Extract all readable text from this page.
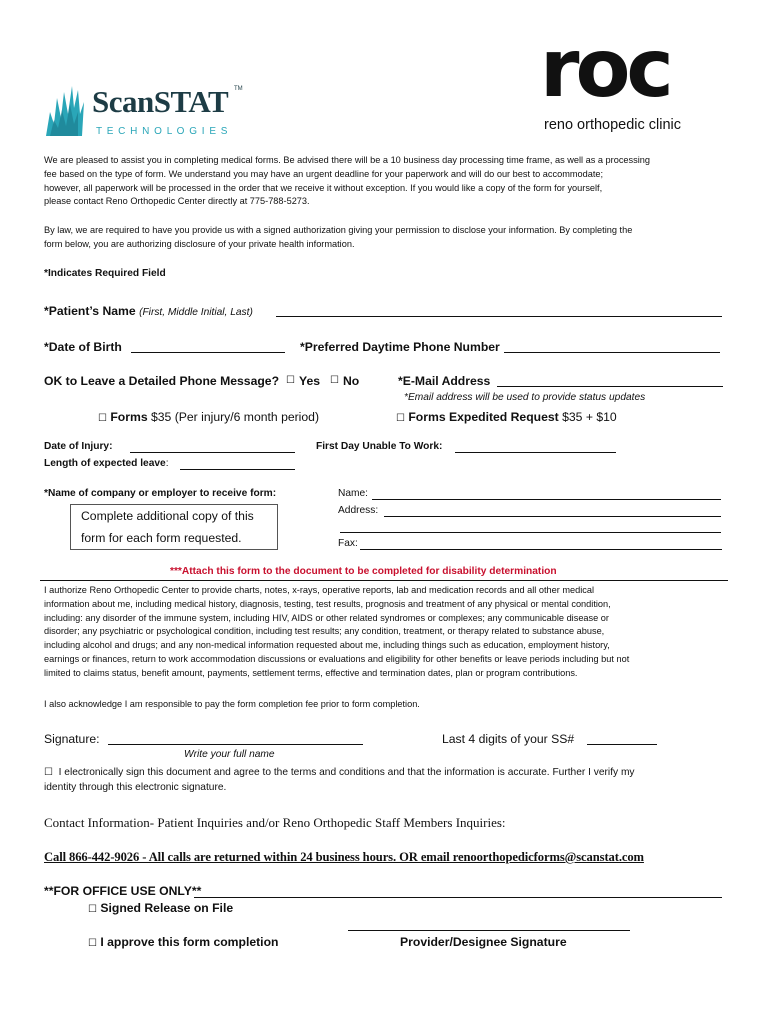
ScanSTAT TM
T E C H N O L O G I E S
roc
reno orthopedic clinic
We are pleased to assist you in completing medical forms. Be advised there will be a 10 business day processing time frame, as well as a processing
fee based on the type of form. We understand you may have an urgent deadline for your paperwork and will do our best to accommodate;
however, all paperwork will be processed in the order that we receive it without exception. If you would like a copy of the form for yourself,
please contact Reno Orthopedic Center directly at 775-788-5273.
By law, we are required to have you provide us with a signed authorization giving your permission to disclose your information. By completing the
form below, you are authorizing disclosure of your private health information.
*Indicates Required Field
*Patient’s Name (First, Middle Initial, Last)
*Date of Birth	*Preferred Daytime Phone Number
OK to Leave a Detailed Phone Message? ☐ Yes ☐ No	*E-Mail Address
*Email address will be used to provide status updates
☐ Forms $35 (Per injury/6 month period)	☐ Forms Expedited Request $35 + $10
Date of Injury:	First Day Unable To Work:
Length of expected leave:
*Name of company or employer to receive form:
Complete additional copy of this
form for each form requested.
Name:
Address:
Fax:
***Attach this form to the document to be completed for disability determination
I authorize Reno Orthopedic Center to provide charts, notes, x-rays, operative reports, lab and medication records and all other medical
information about me, including medical history, diagnosis, testing, test results, prognosis and treatment of any physical or mental condition,
including: any disorder of the immune system, including HIV, AIDS or other related syndromes or complexes; any communicable disease or
disorder; any psychiatric or psychological condition, including test results; any condition, treatment, or therapy related to substance abuse,
including alcohol and drugs; and any non-medical information requested about me, including things such as education, employment history,
earnings or finances, return to work accommodation discussions or evaluations and eligibility for other benefits or leave periods including but not
limited to claims status, benefit amount, payments, settlement terms, effective and termination dates, plan or program contributions.
I also acknowledge I am responsible to pay the form completion fee prior to form completion.
Signature:	Last 4 digits of your SS#
Write your full name
☐ I electronically sign this document and agree to the terms and conditions and that the information is accurate. Further I verify my
identity through this electronic signature.
Contact Information- Patient Inquiries and/or Reno Orthopedic Staff Members Inquiries:
Call 866-442-9026 - All calls are returned within 24 business hours. OR email renoorthopedicforms@scanstat.com
**FOR OFFICE USE ONLY**
☐ Signed Release on File
☐ I approve this form completion	Provider/Designee Signature
